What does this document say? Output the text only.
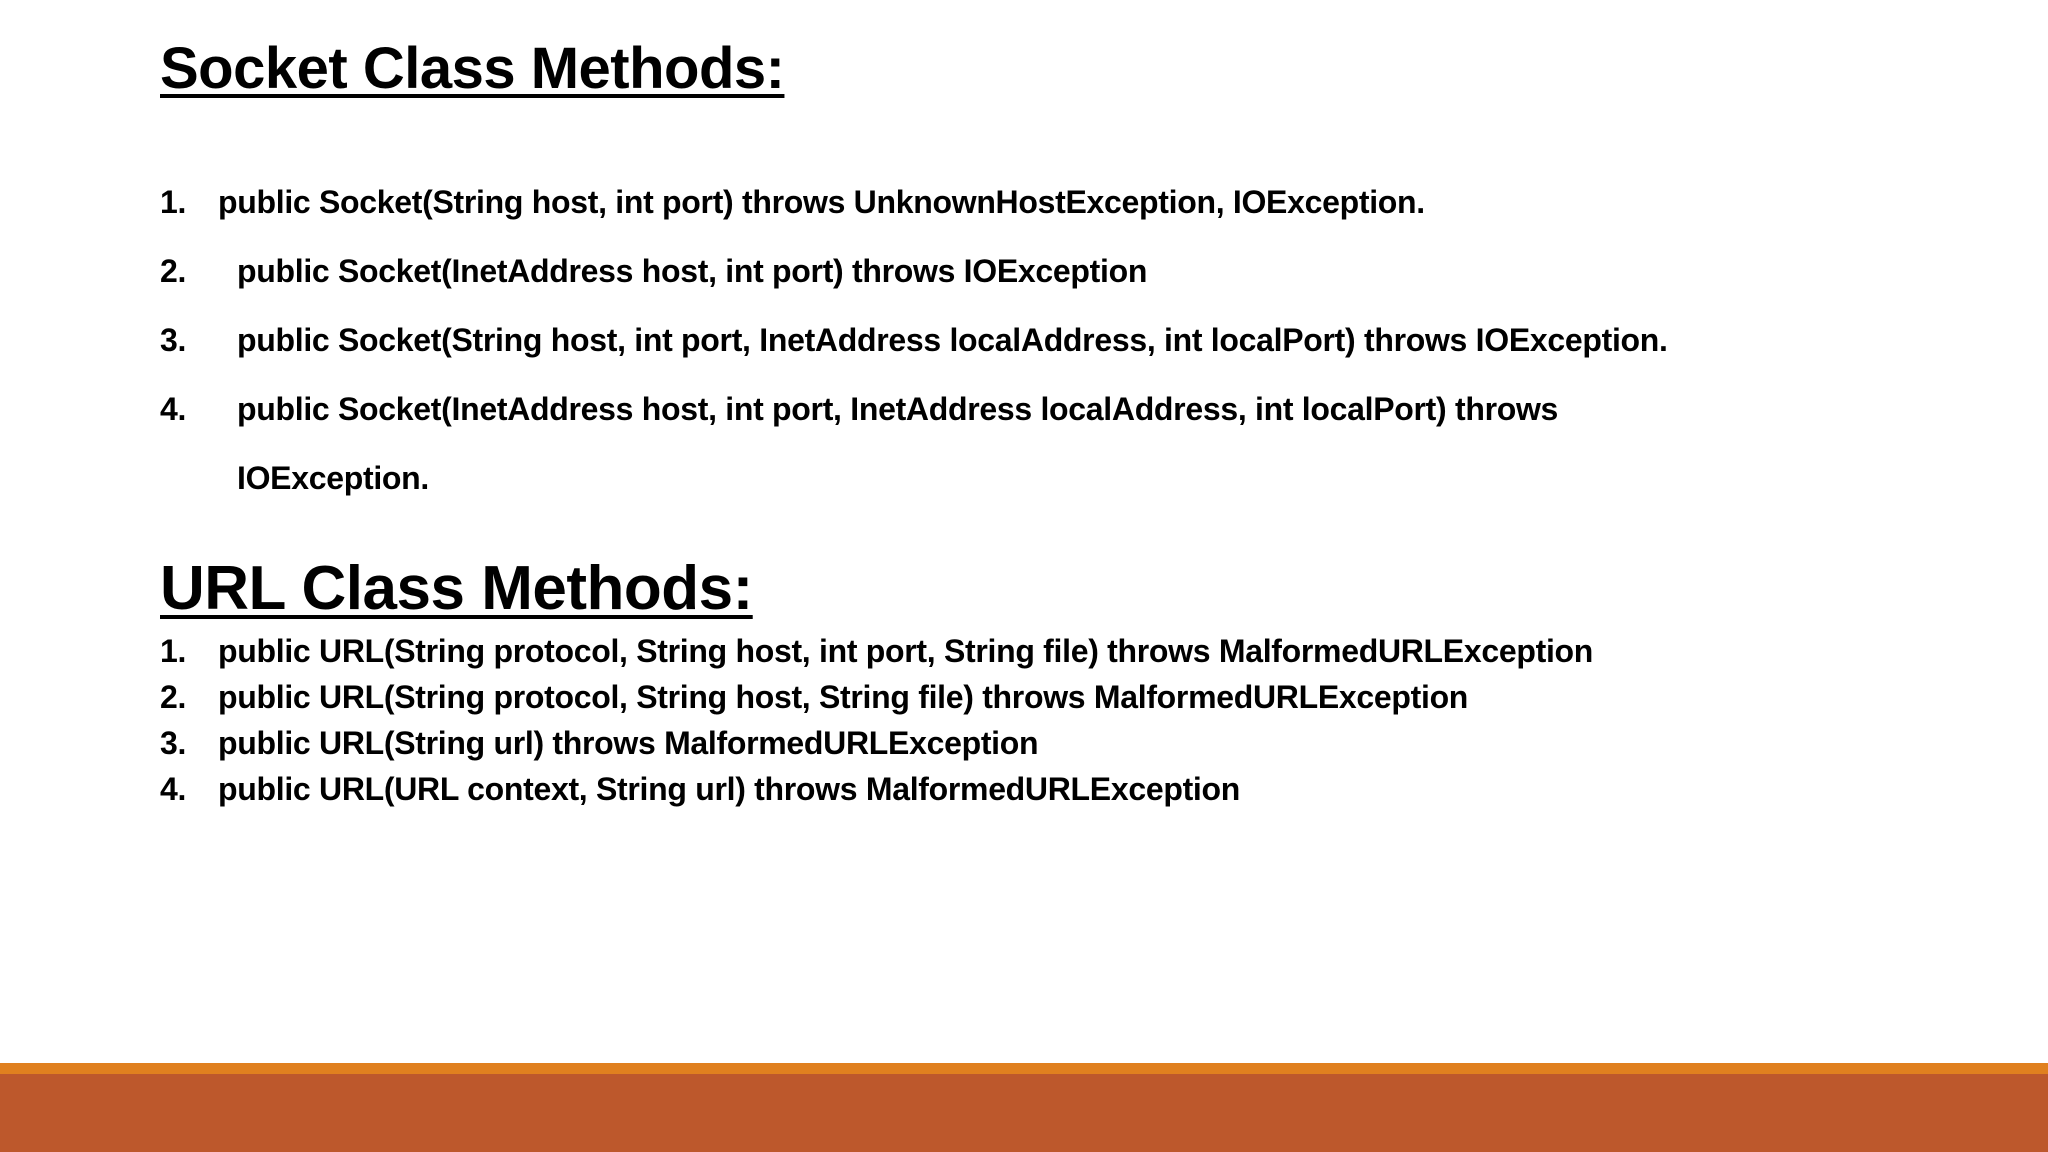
Socket Class Methods:
1. public Socket(String host, int port) throws UnknownHostException, IOException.
2.	public Socket(InetAddress host, int port) throws IOException
3.	public Socket(String host, int port, InetAddress localAddress, int localPort) throws IOException.
4.	public Socket(InetAddress host, int port, InetAddress localAddress, int localPort) throws IOException.
URL Class Methods:
1. public URL(String protocol, String host, int port, String file) throws MalformedURLException
2. public URL(String protocol, String host, String file) throws MalformedURLException
3. public URL(String url) throws MalformedURLException
4. public URL(URL context, String url) throws MalformedURLException
